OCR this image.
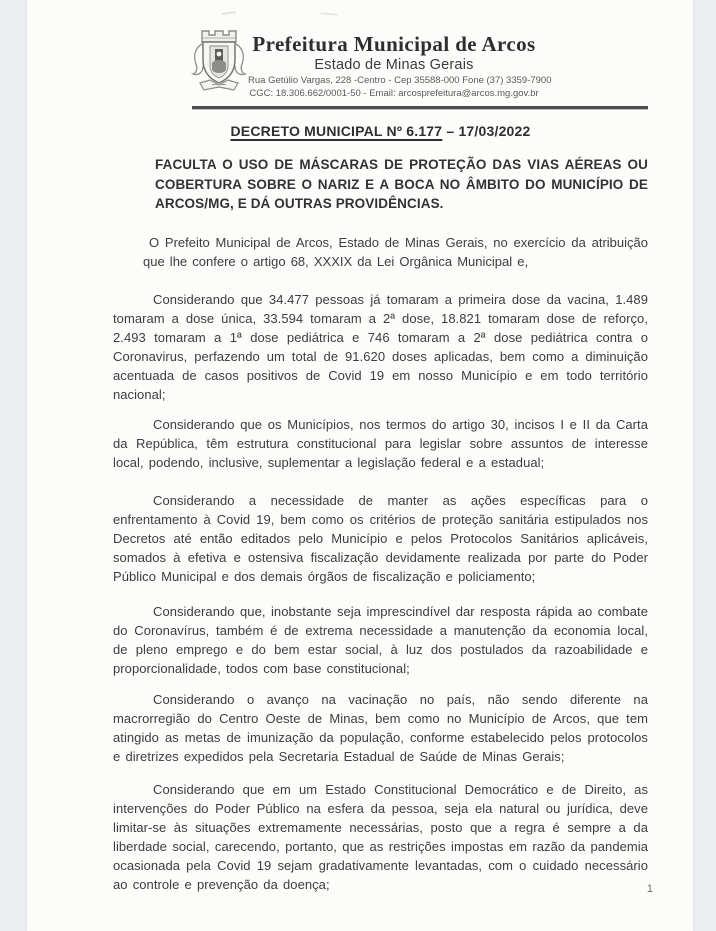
Prefeitura Municipal de Arcos
Estado de Minas Gerais
Rua Getúlio Vargas, 228 -Centro - Cep 35588-000 Fone (37) 3359-7900
CGC: 18.306.662/0001-50 - Email: arcosprefeitura@arcos.mg.gov.br
DECRETO MUNICIPAL Nº 6.177 – 17/03/2022

FACULTA O USO DE MÁSCARAS DE PROTEÇÃO DAS VIAS AÉREAS OU COBERTURA SOBRE O NARIZ E A BOCA NO ÂMBITO DO MUNICÍPIO DE ARCOS/MG, E DÁ OUTRAS PROVIDÊNCIAS.

O Prefeito Municipal de Arcos, Estado de Minas Gerais, no exercício da atribuição que lhe confere o artigo 68, XXXIX da Lei Orgânica Municipal e,

Considerando que 34.477 pessoas já tomaram a primeira dose da vacina, 1.489 tomaram a dose única, 33.594 tomaram a 2ª dose, 18.821 tomaram dose de reforço, 2.493 tomaram a 1ª dose pediátrica e 746 tomaram a 2ª dose pediátrica contra o Coronavirus, perfazendo um total de 91.620 doses aplicadas, bem como a diminuição acentuada de casos positivos de Covid 19 em nosso Município e em todo território nacional;

Considerando que os Municípios, nos termos do artigo 30, incisos I e II da Carta da República, têm estrutura constitucional para legislar sobre assuntos de interesse local, podendo, inclusive, suplementar a legislação federal e a estadual;

Considerando a necessidade de manter as ações específicas para o enfrentamento à Covid 19, bem como os critérios de proteção sanitária estipulados nos Decretos até então editados pelo Município e pelos Protocolos Sanitários aplicáveis, somados à efetiva e ostensiva fiscalização devidamente realizada por parte do Poder Público Municipal e dos demais órgãos de fiscalização e policiamento;

Considerando que, inobstante seja imprescindível dar resposta rápida ao combate do Coronavírus, também é de extrema necessidade a manutenção da economia local, de pleno emprego e do bem estar social, à luz dos postulados da razoabilidade e proporcionalidade, todos com base constitucional;

Considerando o avanço na vacinação no país, não sendo diferente na macrorregião do Centro Oeste de Minas, bem como no Município de Arcos, que tem atingido as metas de imunização da população, conforme estabelecido pelos protocolos e diretrizes expedidos pela Secretaria Estadual de Saúde de Minas Gerais;

Considerando que em um Estado Constitucional Democrático e de Direito, as intervenções do Poder Público na esfera da pessoa, seja ela natural ou jurídica, deve limitar-se às situações extremamente necessárias, posto que a regra é sempre a da liberdade social, carecendo, portanto, que as restrições impostas em razão da pandemia ocasionada pela Covid 19 sejam gradativamente levantadas, com o cuidado necessário ao controle e prevenção da doença;	1
